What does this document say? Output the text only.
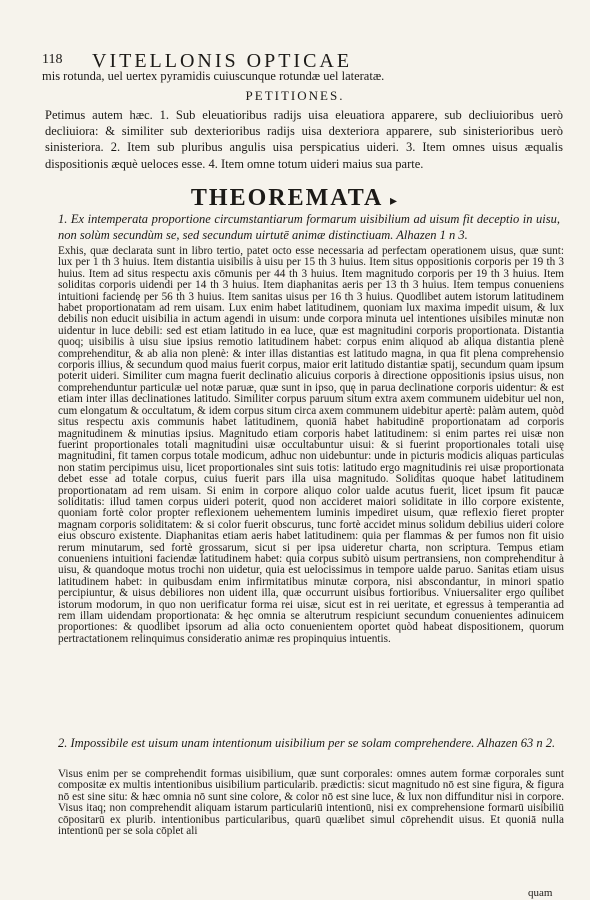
118 VITELLONIS OPTICAE
mis rotunda, uel uertex pyramidis cuiuscunque rotundæ uel lateratæ.
PETITIONES.
Petimus autem hæc. 1. Sub eleuatioribus radijs uisa eleuatiora apparere, sub decliuioribus uerò decliuiora: & similiter sub dexterioribus radijs uisa dexteriora apparere, sub sinisterioribus uerò sinisteriora. 2. Item sub pluribus angulis uisa perspicatius uideri. 3. Item omnes uisus æqualis dispositionis æquè ueloces esse. 4. Item omne totum uideri maius sua parte.
THEOREMATA ▸
1. Ex intemperata proportione circumstantiarum formarum uisibilium ad uisum fit deceptio in uisu, non solùm secundùm se, sed secundum uirtutē animæ distinctiuam. Alhazen 1 n 3.
Exhis, quæ declarata sunt in libro tertio, patet octo esse necessaria ad perfectam operationem uisus, quæ sunt: lux per 1 th 3 huius. Item distantia uisibilis à uisu per 15 th 3 huius. Item situs oppositionis corporis per 19 th 3 huius. Item ad situs respectu axis cōmunis per 44 th 3 huius. Item magnitudo corporis per 19 th 3 huius. Item soliditas corporis uidendi per 14 th 3 huius. Item diaphanitas aeris per 13 th 3 huius. Item tempus conueniens intuitioni faciendę per 56 th 3 huius. Item sanitas uisus per 16 th 3 huius. Quodlibet autem istorum latitudinem habet proportionatam ad rem uisam. Lux enim habet latitudinem, quoniam lux maxima impedit uisum, & lux debilis non educit uisibilia in actum agendi in uisum: unde corpora minuta uel intentiones uisibiles minutæ non uidentur in luce debili: sed est etiam latitudo in ea luce, quæ est magnitudini corporis proportionata. Distantia quoq; uisibilis à uisu siue ipsius remotio latitudinem habet: corpus enim aliquod ab aliqua distantia plenè comprehenditur, & ab alia non plenè: & inter illas distantias est latitudo magna, in qua fit plena comprehensio corporis illius, & secundum quod maius fuerit corpus, maior erit latitudo distantiæ spatij, secundum quam ipsum poterit uideri. Similiter cum magna fuerit declinatio alicuius corporis à directione oppositionis ipsius uisus, non comprehenduntur particulæ uel notæ paruæ, quæ sunt in ipso, quę in parua declinatione corporis uidentur: & est etiam inter illas declinationes latitudo. Similiter corpus paruum situm extra axem communem uidebitur uel non, cum elongatum & occultatum, & idem corpus situm circa axem communem uidebitur apertè: palàm autem, quòd situs respectu axis communis habet latitudinem, quoniā habet habitudinē proportionatam ad corporis magnitudinem & minutias ipsius. Magnitudo etiam corporis habet latitudinem: si enim partes rei uisæ non fuerint proportionales totali magnitudini uisæ occultabuntur uisui: & si fuerint proportionales totali uisę magnitudini, fit tamen corpus totale modicum, adhuc non uidebuntur: unde in picturis modicis aliquas particulas non statim percipimus uisu, licet proportionales sint suis totis: latitudo ergo magnitudinis rei uisæ proportionata debet esse ad totale corpus, cuius fuerit pars illa uisa magnitudo. Soliditas quoque habet latitudinem proportionatam ad rem uisam. Si enim in corpore aliquo color ualde acutus fuerit, licet ipsum fit paucæ soliditatis: illud tamen corpus uideri poterit, quod non accideret maiori soliditate in illo corpore existente, quoniam fortè color propter reflexionem uehementem luminis impediret uisum, quæ reflexio fieret propter magnam corporis soliditatem: & si color fuerit obscurus, tunc fortè accidet minus solidum debilius uideri colore eius obscuro existente. Diaphanitas etiam aeris habet latitudinem: quia per flammas & per fumos non fit uisio rerum minutarum, sed fortè grossarum, sicut si per ipsa uideretur charta, non scriptura. Tempus etiam conueniens intuitioni faciendæ latitudinem habet: quia corpus subitò uisum pertransiens, non comprehenditur à uisu, & quandoque motus trochi non uidetur, quia est uelocissimus in tempore ualde paruo. Sanitas etiam uisus latitudinem habet: in quibusdam enim infirmitatibus minutæ corpora, nisi abscondantur, in minori spatio percipiuntur, & uisus debiliores non uident illa, quæ occurrunt uisibus fortioribus. Vniuersaliter ergo quilibet istorum modorum, in quo non uerificatur forma rei uisæ, sicut est in rei ueritate, et egressus à temperantia ad rem illam uidendam proportionata: & hęc omnia se alterutrum respiciunt secundum conuenientes adinuicem proportiones: & quodlibet ipsorum ad alia octo conuenientem oportet quòd habeat dispositionem, quorum pertractationem relinquimus consideratio animæ res propinquius intuentis.
2. Impossibile est uisum unam intentionum uisibilium per se solam comprehendere. Alhazen 63 n 2.
Visus enim per se comprehendit formas uisibilium, quæ sunt corporales: omnes autem formæ corporales sunt compositæ ex multis intentionibus uisibilium particularib. prædictis: sicut magnitudo nō est sine figura, & figura nō est sine situ: & hæc omnia nō sunt sine colore, & color nō est sine luce, & lux non diffunditur nisi in corpore. Visus itaq; non comprehendit aliquam istarum particulariū intentionū, nisi ex comprehensione formarū uisibiliū cōpositarū ex plurib. intentionibus particularibus, quarū quælibet simul cōprehendit uisus. Et quoniā nulla intentionū per se sola cōplet ali
quam
